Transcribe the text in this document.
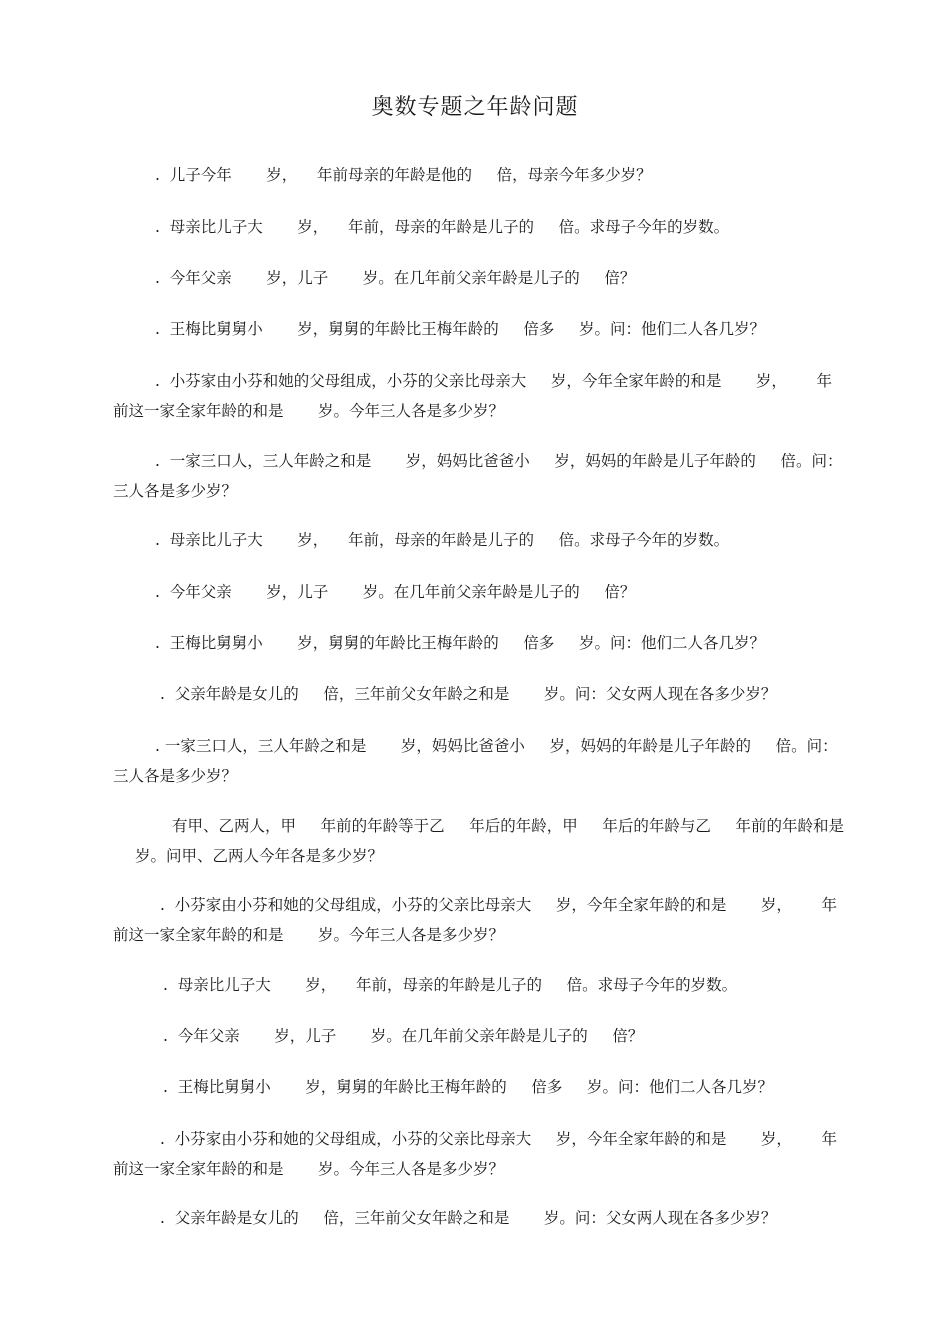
奥数专题之年龄问题
.  儿子今年       岁，    年前母亲的年龄是他的     倍，母亲今年多少岁？
.  母亲比儿子大       岁，    年前，母亲的年龄是儿子的     倍。求母子今年的岁数。
.  今年父亲       岁，儿子       岁。在几年前父亲年龄是儿子的     倍？
.  王梅比舅舅小       岁，舅舅的年龄比王梅年龄的     倍多     岁。问：他们二人各几岁？
.  小芬家由小芬和她的父母组成，小芬的父亲比母亲大     岁，今年全家年龄的和是       岁，      年
前这一家全家年龄的和是       岁。今年三人各是多少岁？
.  一家三口人，三人年龄之和是       岁，妈妈比爸爸小     岁，妈妈的年龄是儿子年龄的     倍。问：
三人各是多少岁？
.  母亲比儿子大       岁，    年前，母亲的年龄是儿子的     倍。求母子今年的岁数。
.  今年父亲       岁，儿子       岁。在几年前父亲年龄是儿子的     倍？
.  王梅比舅舅小       岁，舅舅的年龄比王梅年龄的     倍多     岁。问：他们二人各几岁？
.  父亲年龄是女儿的     倍，三年前父女年龄之和是       岁。问：父女两人现在各多少岁？
. 一家三口人，三人年龄之和是       岁，妈妈比爸爸小     岁，妈妈的年龄是儿子年龄的     倍。问：
三人各是多少岁？
有甲、乙两人，甲     年前的年龄等于乙     年后的年龄，甲     年后的年龄与乙     年前的年龄和是
岁。问甲、乙两人今年各是多少岁？
.  小芬家由小芬和她的父母组成，小芬的父亲比母亲大     岁，今年全家年龄的和是       岁，      年
前这一家全家年龄的和是       岁。今年三人各是多少岁？
.  母亲比儿子大       岁，    年前，母亲的年龄是儿子的     倍。求母子今年的岁数。
.  今年父亲       岁，儿子       岁。在几年前父亲年龄是儿子的     倍？
.  王梅比舅舅小       岁，舅舅的年龄比王梅年龄的     倍多     岁。问：他们二人各几岁？
.  小芬家由小芬和她的父母组成，小芬的父亲比母亲大     岁，今年全家年龄的和是       岁，      年
前这一家全家年龄的和是       岁。今年三人各是多少岁？
.  父亲年龄是女儿的     倍，三年前父女年龄之和是       岁。问：父女两人现在各多少岁？
